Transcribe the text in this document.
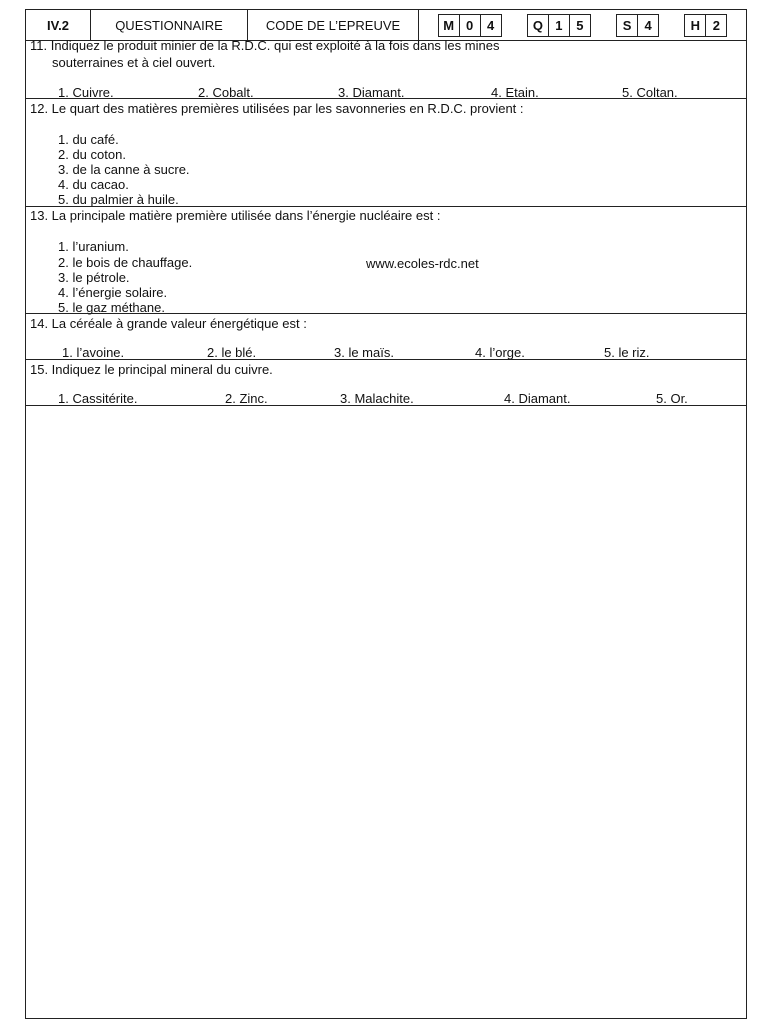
IV.2	QUESTIONNAIRE	CODE DE L’EPREUVE	M 0	4	Q 1	5	S	4	H 2
11. Indiquez le produit minier de la R.D.C. qui est exploité à la fois dans les mines
souterraines et à ciel ouvert.
1. Cuivre.	2. Cobalt.	3. Diamant.	4. Etain.	5. Coltan.
12. Le quart des matières premières utilisées par les savonneries en R.D.C. provient :
1. du café.
2. du coton.
3. de la canne à sucre.
4. du cacao.
5. du palmier à huile.
13. La principale matière première utilisée dans l’énergie nucléaire est :
1. l’uranium.
2. le bois de chauffage.	www.ecoles-rdc.net
3. le pétrole.
4. l’énergie solaire.
5. le gaz méthane.
14. La céréale à grande valeur énergétique est :
1. l’avoine.	2. le blé.	3. le maïs.	4. l’orge.	5. le riz.
15. Indiquez le principal mineral du cuivre.
1. Cassitérite.	2. Zinc.	3. Malachite.	4. Diamant.	5. Or.
